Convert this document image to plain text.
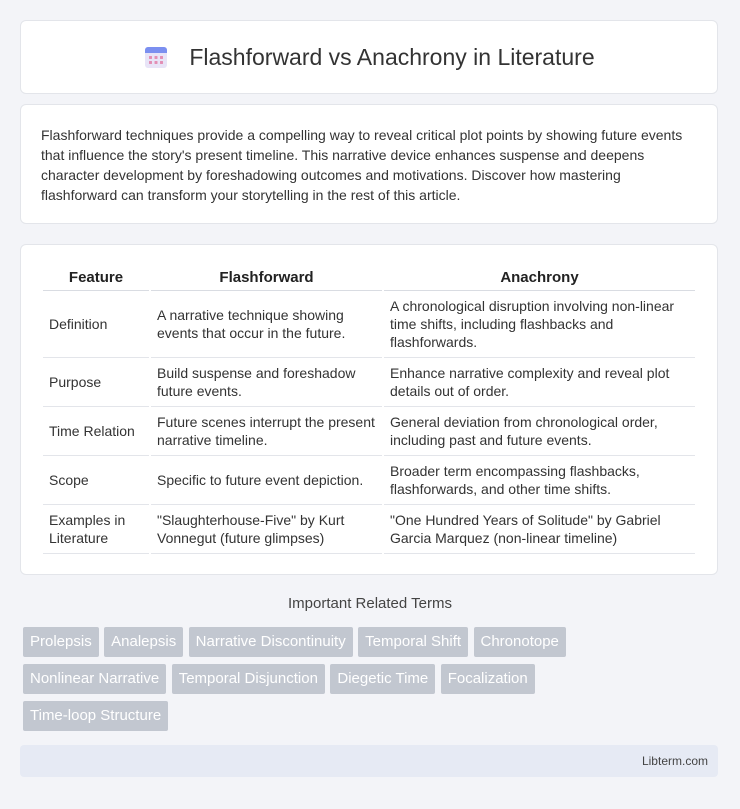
Flashforward vs Anachrony in Literature

Flashforward techniques provide a compelling way to reveal critical plot points by showing future events that influence the story's present timeline. This narrative device enhances suspense and deepens character development by foreshadowing outcomes and motivations. Discover how mastering flashforward can transform your storytelling in the rest of this article.

Feature	Flashforward	Anachrony
Definition	A narrative technique showing events that occur in the future.	A chronological disruption involving non-linear time shifts, including flashbacks and flashforwards.
Purpose	Build suspense and foreshadow future events.	Enhance narrative complexity and reveal plot details out of order.
Time Relation	Future scenes interrupt the present narrative timeline.	General deviation from chronological order, including past and future events.
Scope	Specific to future event depiction.	Broader term encompassing flashbacks, flashforwards, and other time shifts.
Examples in Literature	"Slaughterhouse-Five" by Kurt Vonnegut (future glimpses)	"One Hundred Years of Solitude" by Gabriel Garcia Marquez (non-linear timeline)
Important Related Terms
Prolepsis Analepsis Narrative Discontinuity Temporal Shift Chronotope Nonlinear Narrative Temporal Disjunction Diegetic Time Focalization Time-loop Structure
Libterm.com
